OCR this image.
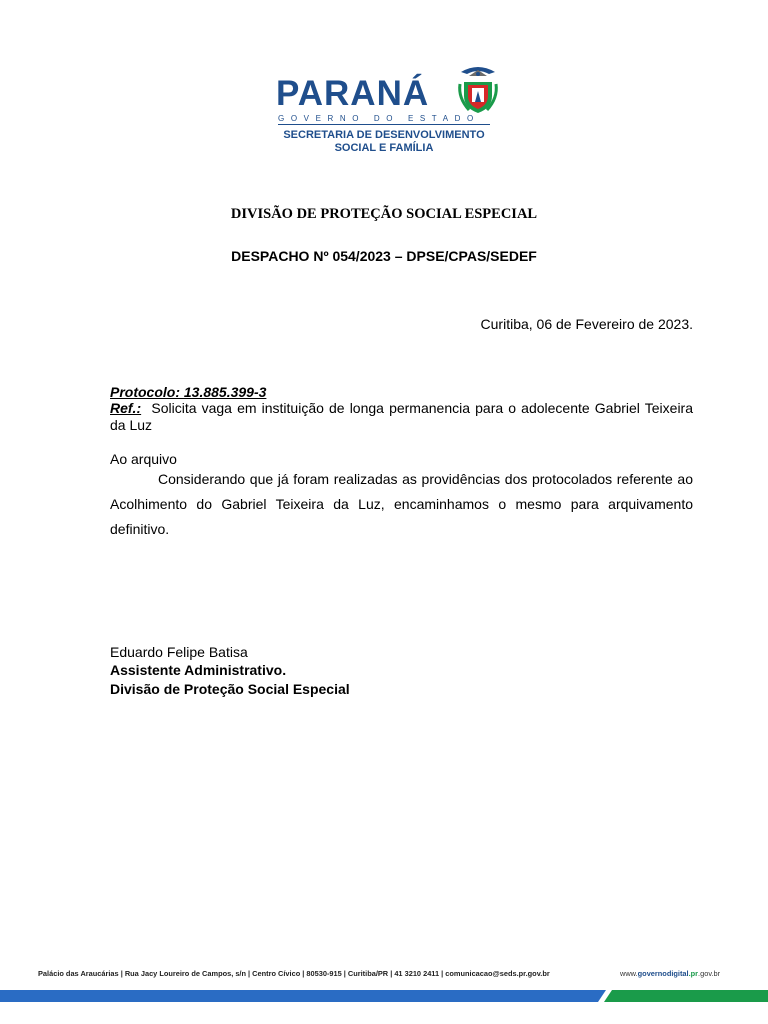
PARANÁ
GOVERNO DO ESTADO
SECRETARIA DE DESENVOLVIMENTO
SOCIAL E FAMÍLIA
DIVISÃO DE PROTEÇÃO SOCIAL ESPECIAL
DESPACHO Nº 054/2023 – DPSE/CPAS/SEDEF
Curitiba, 06 de Fevereiro de 2023.
Protocolo: 13.885.399-3
Ref.: Solicita vaga em instituição de longa permanencia para o adolecente Gabriel Teixeira da Luz
Ao arquivo
Considerando que já foram realizadas as providências dos protocolados referente ao Acolhimento do Gabriel Teixeira da Luz, encaminhamos o mesmo para arquivamento definitivo.
Eduardo Felipe Batisa
Assistente Administrativo.
Divisão de Proteção Social Especial
Palácio das Araucárias | Rua Jacy Loureiro de Campos, s/n | Centro Cívico | 80530-915 | Curitiba/PR | 41 3210 2411 | comunicacao@seds.pr.gov.br	www.governodigital.pr.gov.br
